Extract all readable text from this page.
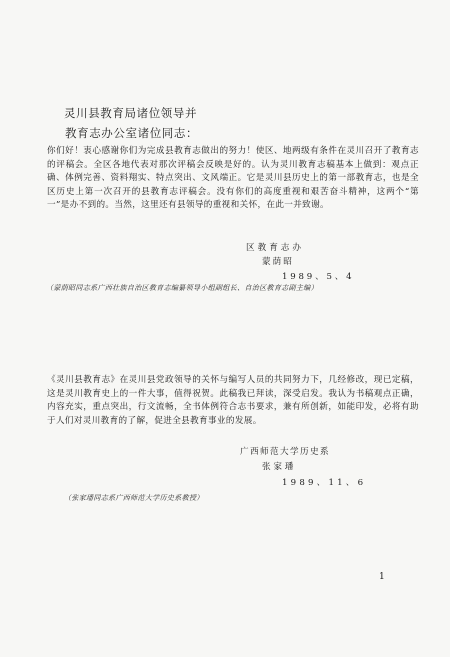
灵川县教育局诸位领导并
教育志办公室诸位同志：

你们好！衷心感谢你们为完成县教育志做出的努力！使区、地两级有条件在灵川召开了教育志的评稿会。全区各地代表对那次评稿会反映是好的。认为灵川教育志稿基本上做到：观点正确、体例完善、资料翔实、特点突出、文风端正。它是灵川县历史上的第一部教育志，也是全区历史上第一次召开的县教育志评稿会。没有你们的高度重视和艰苦奋斗精神，这两个“第一”是办不到的。当然，这里还有县领导的重视和关怀，在此一并致谢。

区教育志办
蒙荫昭
1989、5、4
（蒙荫昭同志系广西壮族自治区教育志编纂领导小组副组长、自治区教育志副主编）

《灵川县教育志》在灵川县党政领导的关怀与编写人员的共同努力下，几经修改，现已定稿，这是灵川教育史上的一件大事，值得祝贺。此稿我已拜读，深受启发。我认为书稿观点正确，内容充实，重点突出，行文流畅，全书体例符合志书要求，兼有所创新，如能印发，必将有助于人们对灵川教育的了解，促进全县教育事业的发展。

广西师范大学历史系
张家璠
1989、11、6
（张家璠同志系广西师范大学历史系教授）
1
